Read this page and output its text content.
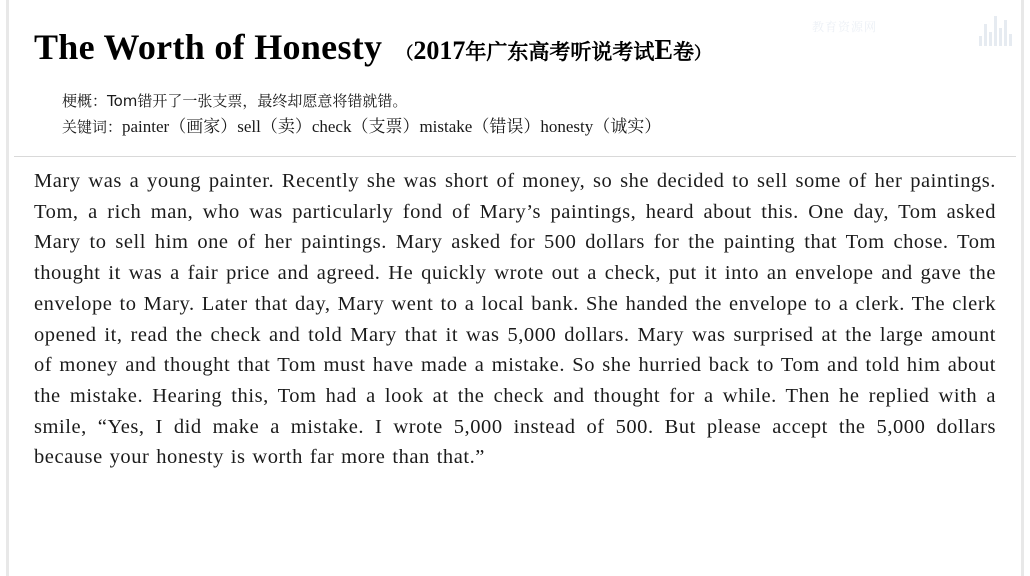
教育资源网
The Worth of Honesty （2017年广东高考听说考试E卷）
梗概：Tom错开了一张支票，最终却愿意将错就错。
关键词：painter（画家）sell（卖）check（支票）mistake（错误）honesty（诚实）
Mary was a young painter. Recently she was short of money, so she decided to sell some of her paintings. Tom, a rich man, who was particularly fond of Mary’s paintings, heard about this. One day, Tom asked Mary to sell him one of her paintings. Mary asked for 500 dollars for the painting that Tom chose. Tom thought it was a fair price and agreed. He quickly wrote out a check, put it into an envelope and gave the envelope to Mary. Later that day, Mary went to a local bank. She handed the envelope to a clerk. The clerk opened it, read the check and told Mary that it was 5,000 dollars. Mary was surprised at the large amount of money and thought that Tom must have made a mistake. So she hurried back to Tom and told him about the mistake. Hearing this, Tom had a look at the check and thought for a while. Then he replied with a smile, “Yes, I did make a mistake. I wrote 5,000 instead of 500. But please accept the 5,000 dollars because your honesty is worth far more than that.”
